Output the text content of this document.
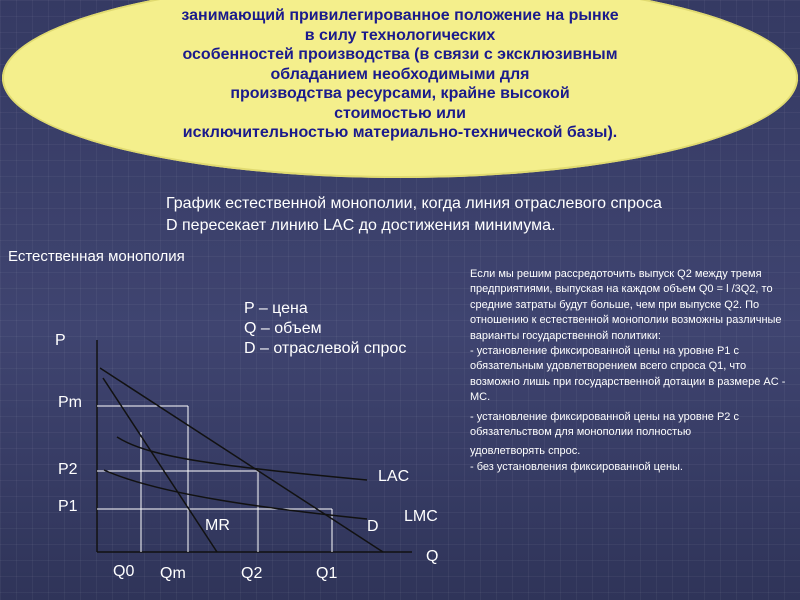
занимающий привилегированное положение на рынке
в силу технологических
особенностей производства (в связи с эксклюзивным
обладанием необходимыми для
производства ресурсами, крайне высокой
стоимостью или
исключительностью материально-технической базы).
График естественной монополии, когда линия отраслевого спроса
D пересекает линию LAC до достижения минимума.
Естественная монополия
P – цена
Q – объем
D – отраслевой спрос
Если мы решим рассредоточить выпуск Q2 между тремя предприятиями, выпуская на каждом объем Q0 = l /3Q2, то средние затраты будут больше, чем при выпуске Q2. По отношению к естественной монополии возможны различные варианты государственной политики:
- установление фиксированной цены на уровне P1 с обязательным удовлетворением всего спроса Q1, что возможно лишь при государственной дотации в размере AC - MC.
- установление фиксированной цены на уровне P2 с обязательством для монополии полностью
удовлетворять спрос.
- без установления фиксированной цены.
P
Q
Pm
P2
P1
Q0 Qm	Q2	Q1
LAC
LMC
MR	D
